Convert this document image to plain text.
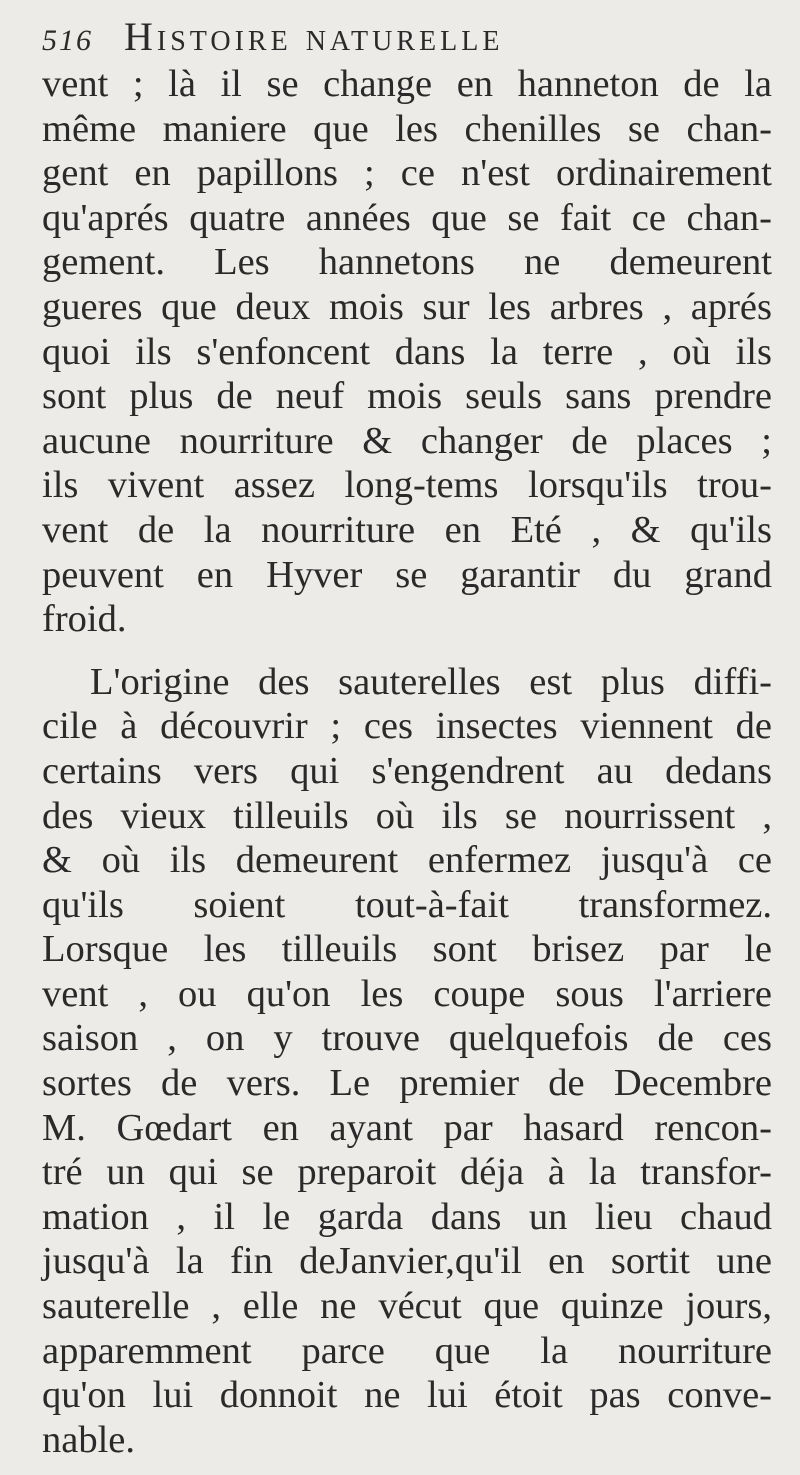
516 Histoire naturelle
vent ; là il se change en hanneton de la
même maniere que les chenilles se chan-
gent en papillons ; ce n'est ordinairement
qu'aprés quatre années que se fait ce chan-
gement. Les hannetons ne demeurent
gueres que deux mois sur les arbres , aprés
quoi ils s'enfoncent dans la terre , où ils
sont plus de neuf mois seuls sans prendre
aucune nourriture & changer de places ;
ils vivent assez long-tems lorsqu'ils trou-
vent de la nourriture en Eté , & qu'ils
peuvent en Hyver se garantir du grand
froid.
L'origine des sauterelles est plus diffi-
cile à découvrir ; ces insectes viennent de
certains vers qui s'engendrent au dedans
des vieux tilleuils où ils se nourrissent ,
& où ils demeurent enfermez jusqu'à ce
qu'ils soient tout-à-fait transformez.
Lorsque les tilleuils sont brisez par le
vent , ou qu'on les coupe sous l'arriere
saison , on y trouve quelquefois de ces
sortes de vers. Le premier de Decembre
M. Gœdart en ayant par hasard rencon-
tré un qui se preparoit déja à la transfor-
mation , il le garda dans un lieu chaud
jusqu'à la fin deJanvier,qu'il en sortit une
sauterelle , elle ne vécut que quinze jours,
apparemment parce que la nourriture
qu'on lui donnoit ne lui étoit pas conve-
nable.
